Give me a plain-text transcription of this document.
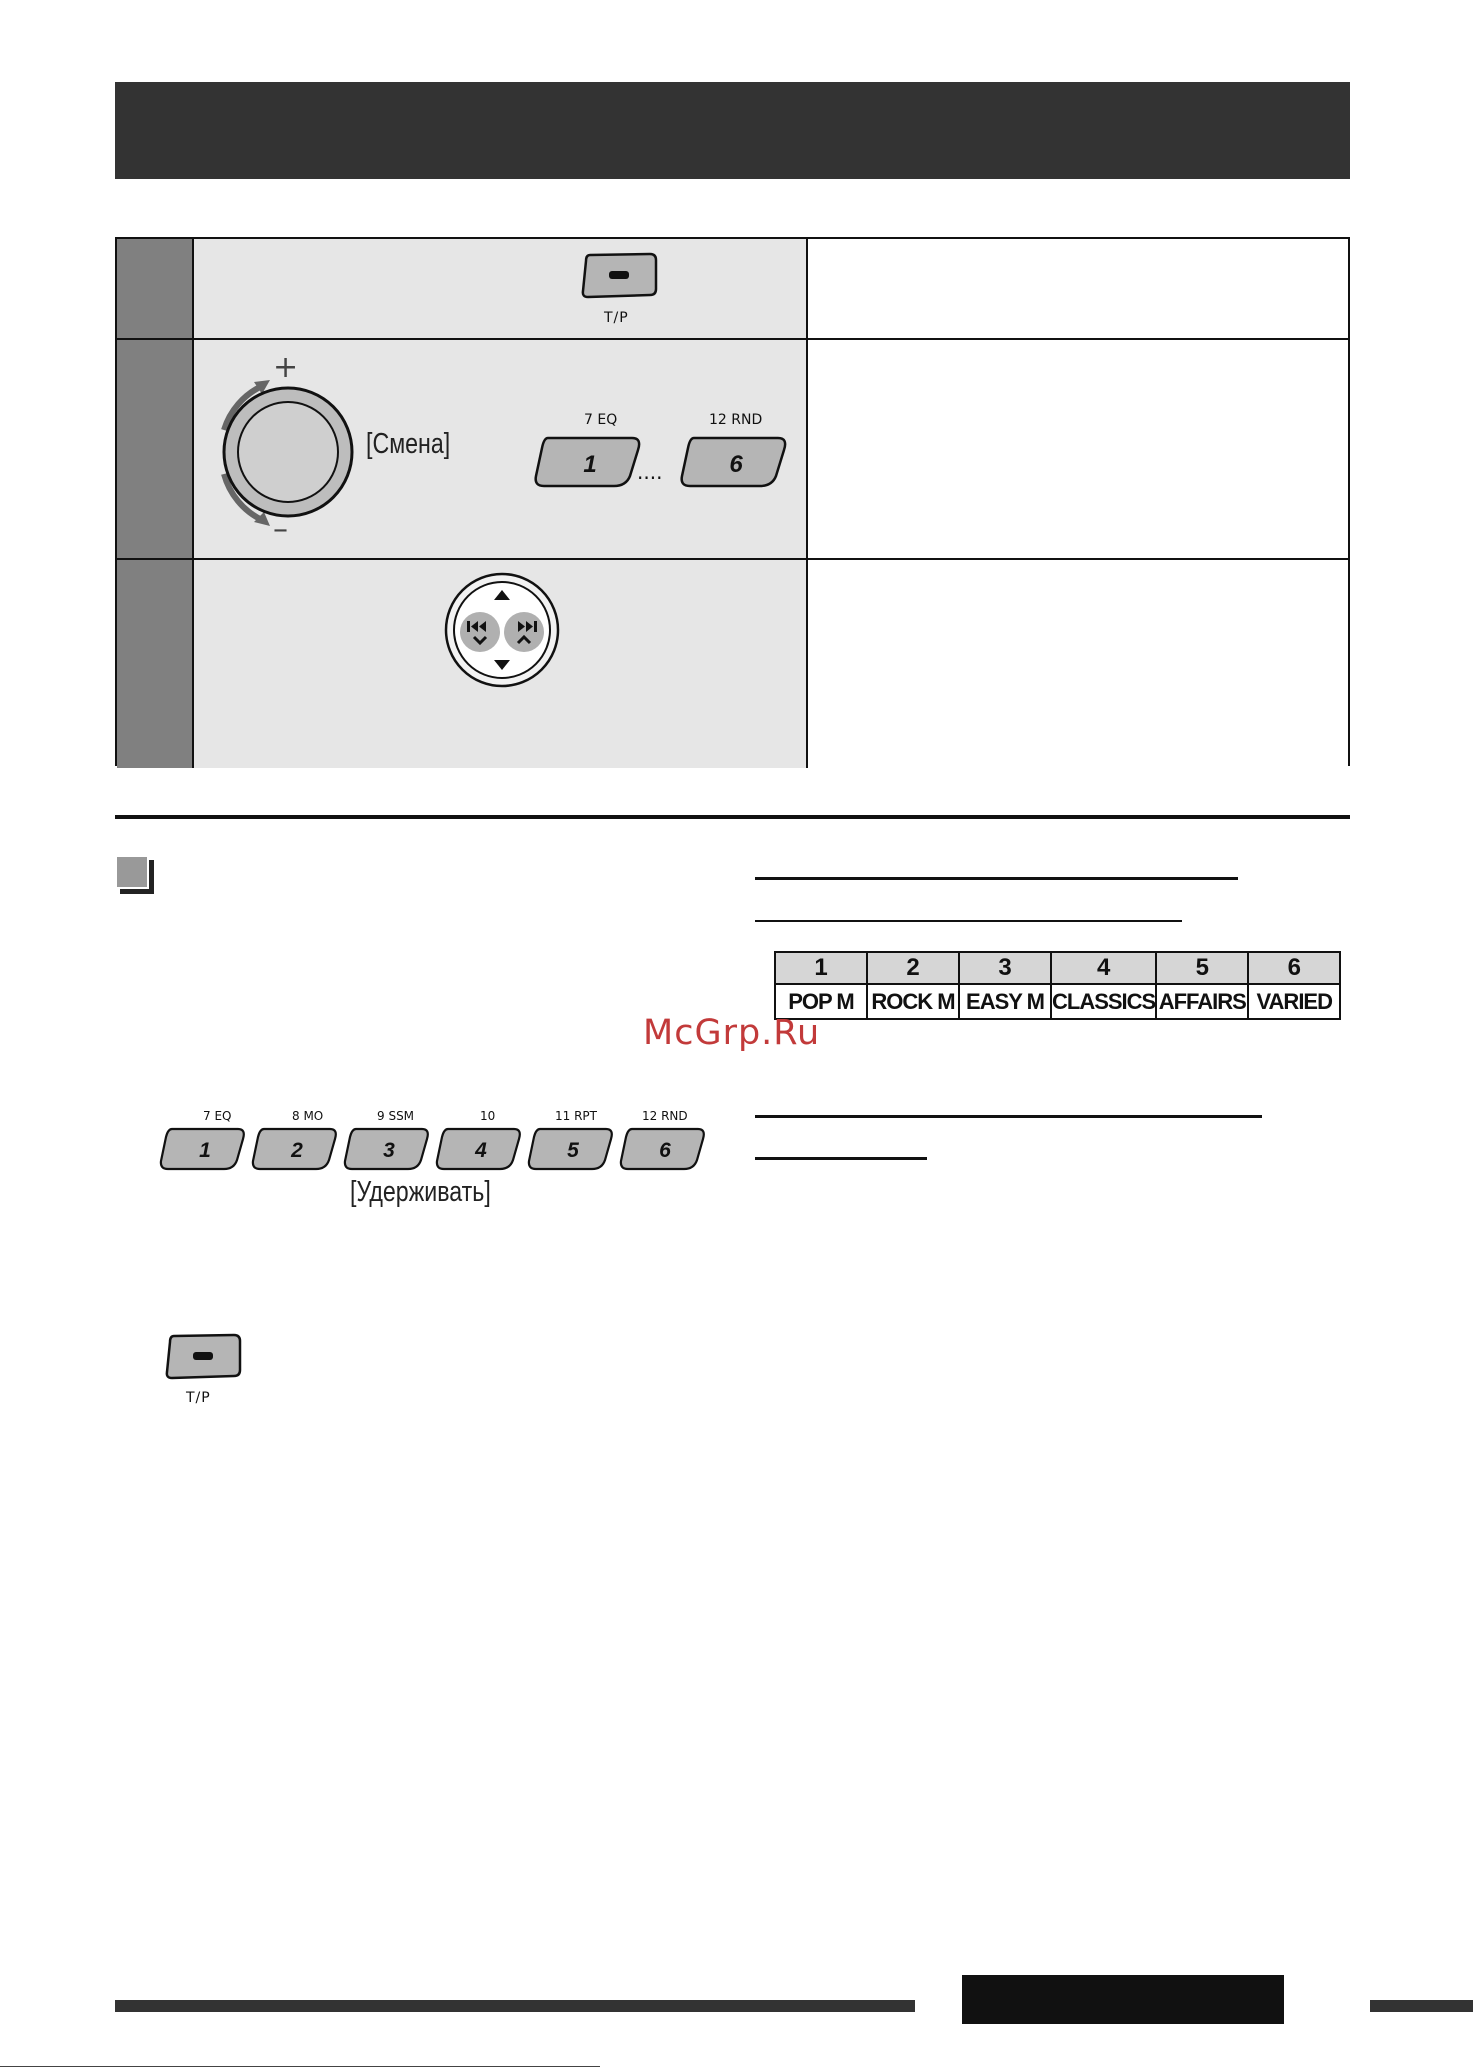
T/P
+
–
[Смена]
7 EQ
1 ....
12 RND
6
1	2	3	4	5	6
POP M	ROCK M	EASY M	CLASSICS	AFFAIRS	VARIED
McGrp.Ru
7 EQ	8 MO	9 SSM	10	11 RPT	12 RND
1	2	3	4	5	6
[Удерживать]
T/P
